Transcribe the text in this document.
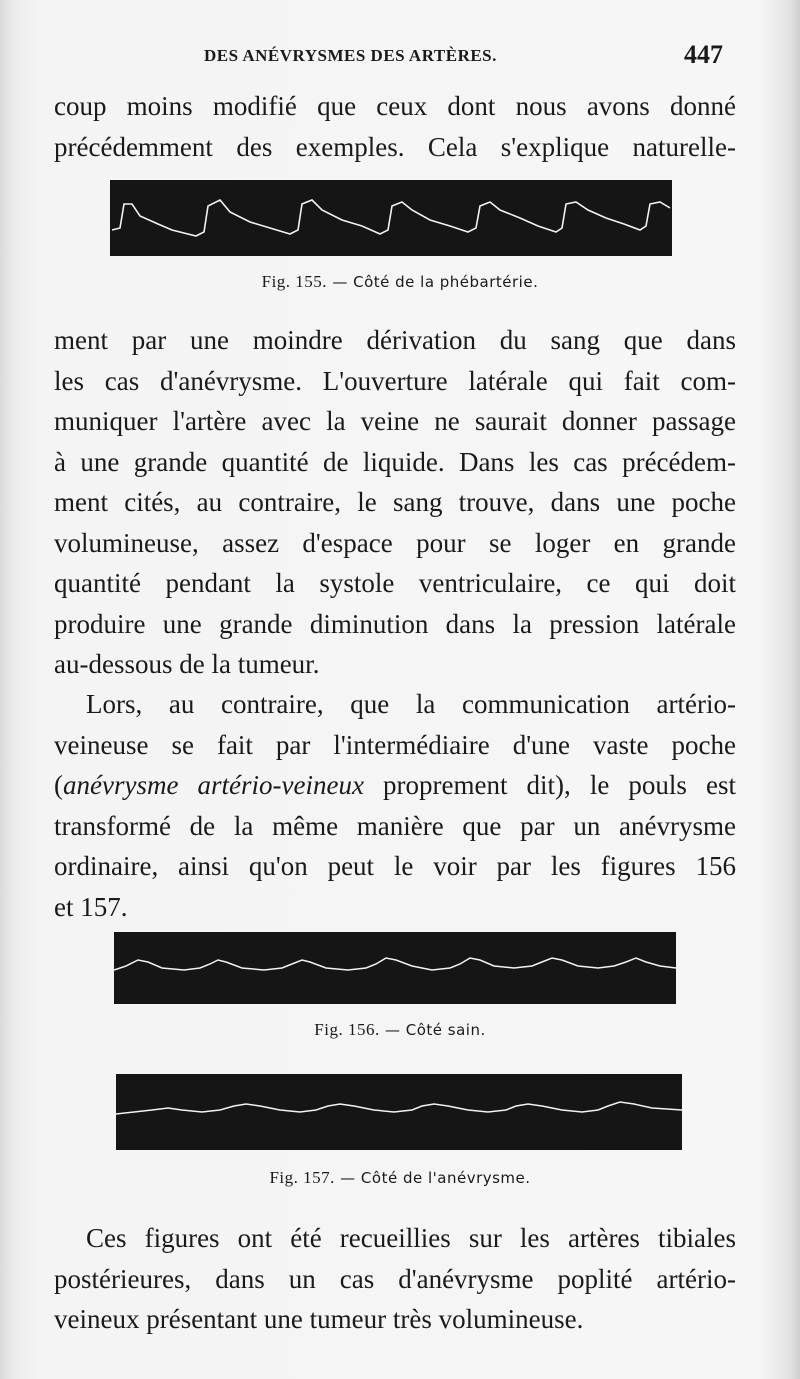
DES ANÉVRYSMES DES ARTÈRES.	447

coup moins modifié que ceux dont nous avons donné
précédemment des exemples. Cela s'explique naturelle-

Fig. 155. — Côté de la phébartérie.

ment par une moindre dérivation du sang que dans
les cas d'anévrysme. L'ouverture latérale qui fait com-
muniquer l'artère avec la veine ne saurait donner passage
à une grande quantité de liquide. Dans les cas précédem-
ment cités, au contraire, le sang trouve, dans une poche
volumineuse, assez d'espace pour se loger en grande
quantité pendant la systole ventriculaire, ce qui doit
produire une grande diminution dans la pression latérale
au-dessous de la tumeur.

Lors, au contraire, que la communication artério-
veineuse se fait par l'intermédiaire d'une vaste poche
(anévrysme artério-veineux proprement dit), le pouls est
transformé de la même manière que par un anévrysme
ordinaire, ainsi qu'on peut le voir par les figures 156
et 157.

Fig. 156. — Côté sain.
Fig. 157. — Côté de l'anévrysme.

Ces figures ont été recueillies sur les artères tibiales
postérieures, dans un cas d'anévrysme poplité artério-
veineux présentant une tumeur très volumineuse.
